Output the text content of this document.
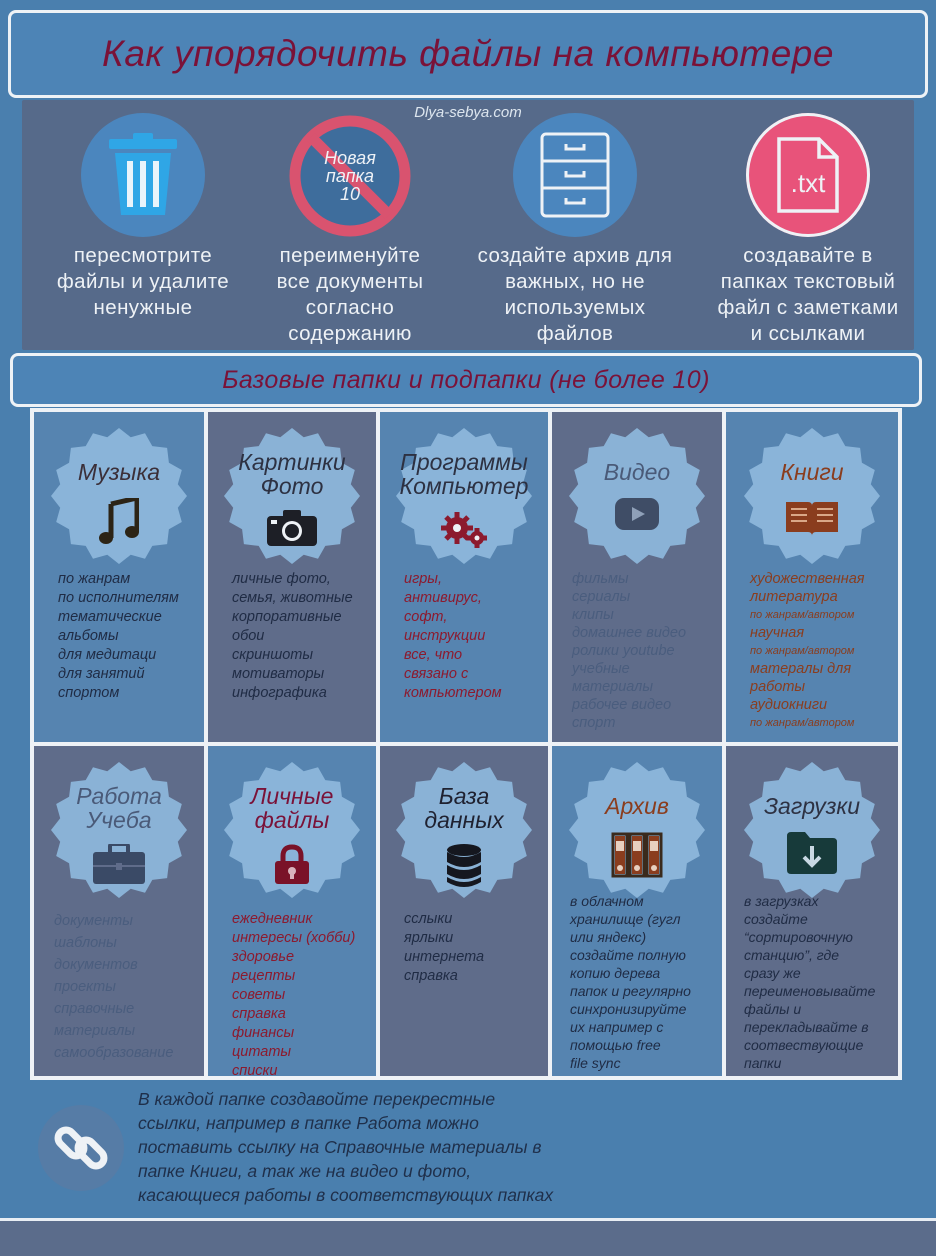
Как упорядочить файлы на компьютере
Dlya-sebya.com
пересмотрите
файлы и удалите
ненужные
Новая
папка
10
переименуйте
все документы
согласно
содержанию
создайте архив для
важных, но не
используемых
файлов
.txt
создавайте в
папках текстовый
файл с заметками
и ссылками
Базовые папки и подпапки (не более 10)
Музыка
по жанрам
по исполнителям
тематические
альбомы
для медитаци
для занятий
спортом
Картинки
Фото
личные фото,
семья, животные
корпоративные
обои
скриншоты
мотиваторы
инфографика
Программы
Компьютер
игры,
антивирус,
софт,
инструкции
все, что
связано с
компьютером
Видео
фильмы
сериалы
клипы
домашнее видео
ролики youtube
учебные
материалы
рабочее видео
спорт
Книги
художественная
литература
по жанрам/автором
научная
по жанрам/автором
матерaлы для
работы
аудиокниги
по жанрам/автором
Работа
Учеба
документы
шаблоны
документов
проекты
справочные
материалы
самообразование
Личные
файлы
ежедневник
интересы (хобби)
здоровье
рецепты
советы
справка
финансы
цитаты
списки
База
данных
сслыки
ярлыки
интернета
справка
Архив
в облачном
хранилище (гугл
или яндекс)
создайте полную
копию дерева
папок и регулярно
синхронизируйте
их например с
помощью free
file sync
Загрузки
в загрузках
создайте
“сортировочную
станцию”, где
сразу же
переименовывайте
файлы и
перекладывайте в
соотвествующие
папки
В каждой папке создавойте перекрестные
ссылки, например в папке Работа можно
поставить ссылку на Справочные материалы в
папке Книги, а так же на видео и фото,
касающиеся работы в соответствующих папках
